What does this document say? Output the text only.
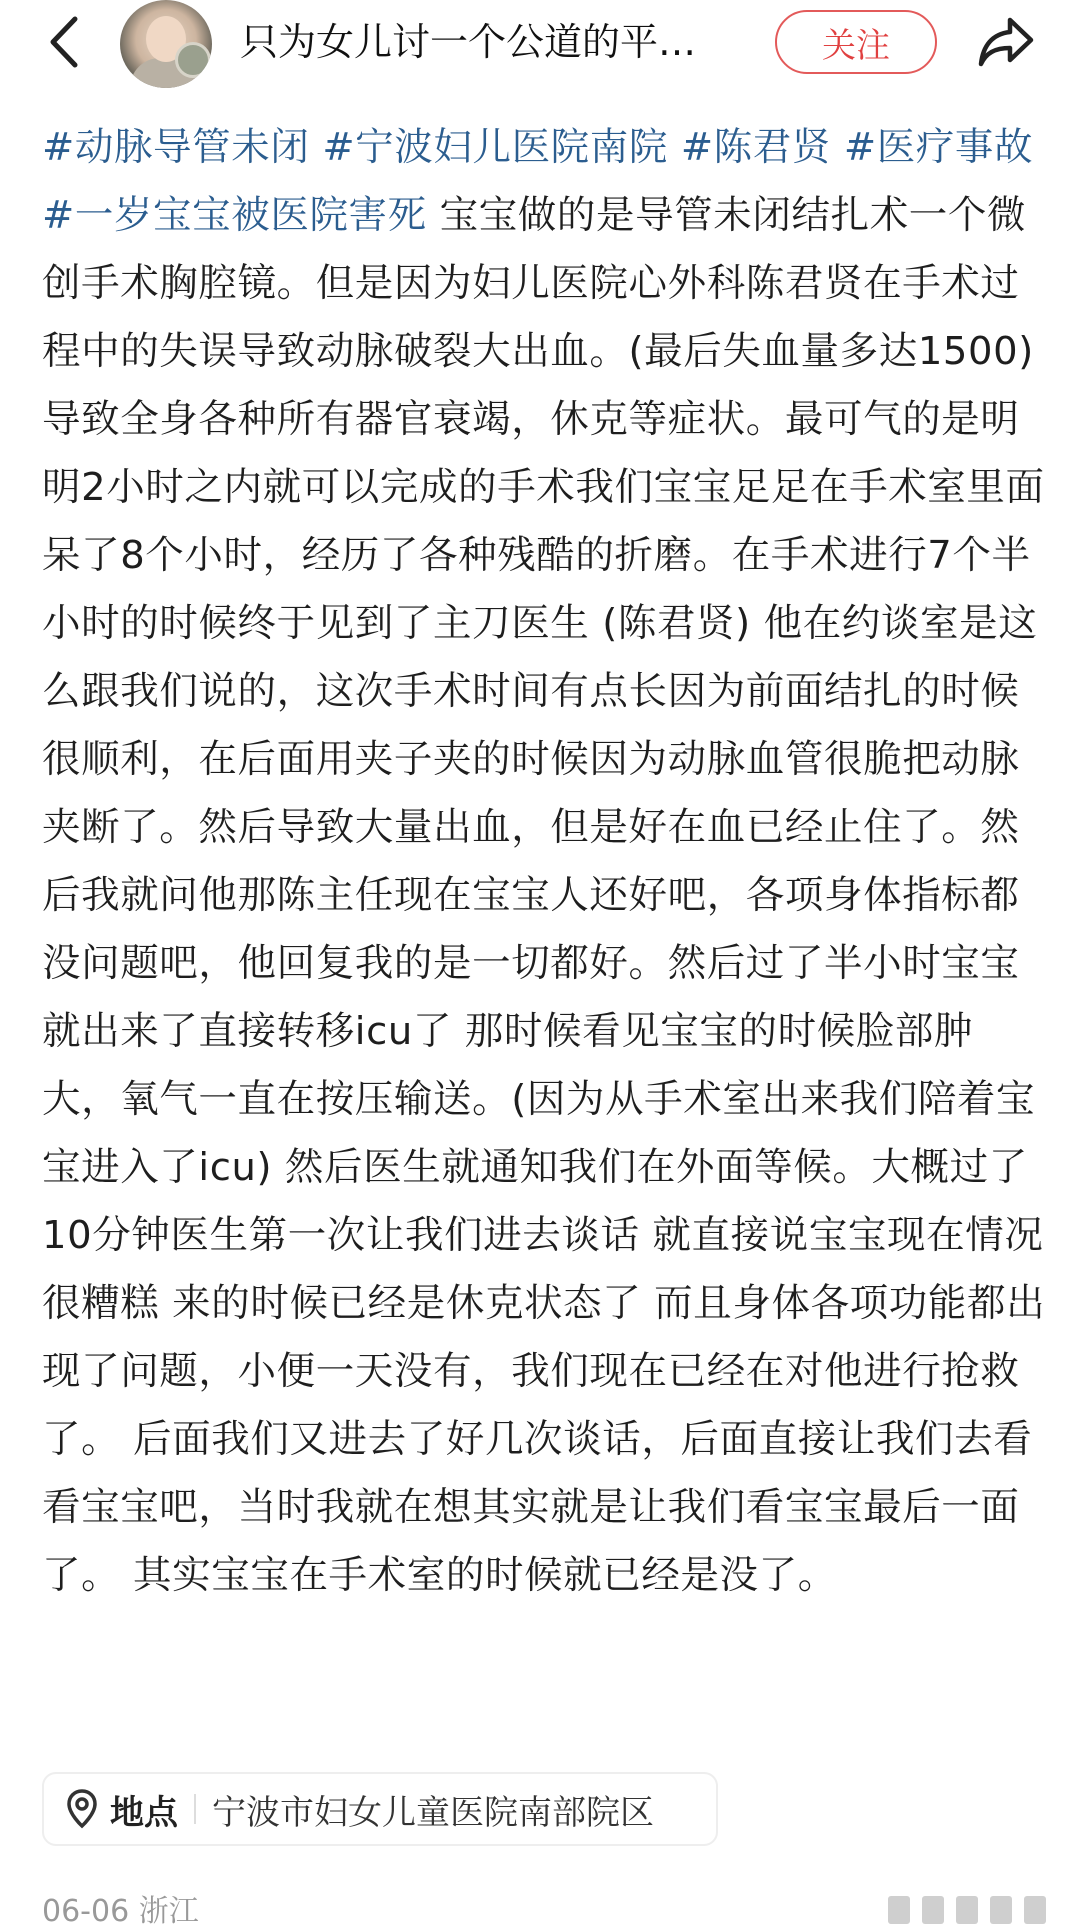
只为女儿讨一个公道的平…	关注
#动脉导管未闭 #宁波妇儿医院南院 #陈君贤 #医疗事故 #一岁宝宝被医院害死 宝宝做的是导管未闭结扎术一个微创手术胸腔镜。但是因为妇儿医院心外科陈君贤在手术过程中的失误导致动脉破裂大出血。(最后失血量多达1500) 导致全身各种所有器官衰竭，休克等症状。最可气的是明明2小时之内就可以完成的手术我们宝宝足足在手术室里面呆了8个小时，经历了各种残酷的折磨。在手术进行7个半小时的时候终于见到了主刀医生 (陈君贤) 他在约谈室是这么跟我们说的，这次手术时间有点长因为前面结扎的时候很顺利，在后面用夹子夹的时候因为动脉血管很脆把动脉夹断了。然后导致大量出血，但是好在血已经止住了。然后我就问他那陈主任现在宝宝人还好吧，各项身体指标都没问题吧，他回复我的是一切都好。然后过了半小时宝宝就出来了直接转移icu了 那时候看见宝宝的时候脸部肿大，氧气一直在按压输送。(因为从手术室出来我们陪着宝宝进入了icu) 然后医生就通知我们在外面等候。大概过了10分钟医生第一次让我们进去谈话 就直接说宝宝现在情况很糟糕 来的时候已经是休克状态了 而且身体各项功能都出现了问题，小便一天没有，我们现在已经在对他进行抢救了。 后面我们又进去了好几次谈话，后面直接让我们去看看宝宝吧，当时我就在想其实就是让我们看宝宝最后一面了。 其实宝宝在手术室的时候就已经是没了。
地点 宁波市妇女儿童医院南部院区
06-06 浙江
